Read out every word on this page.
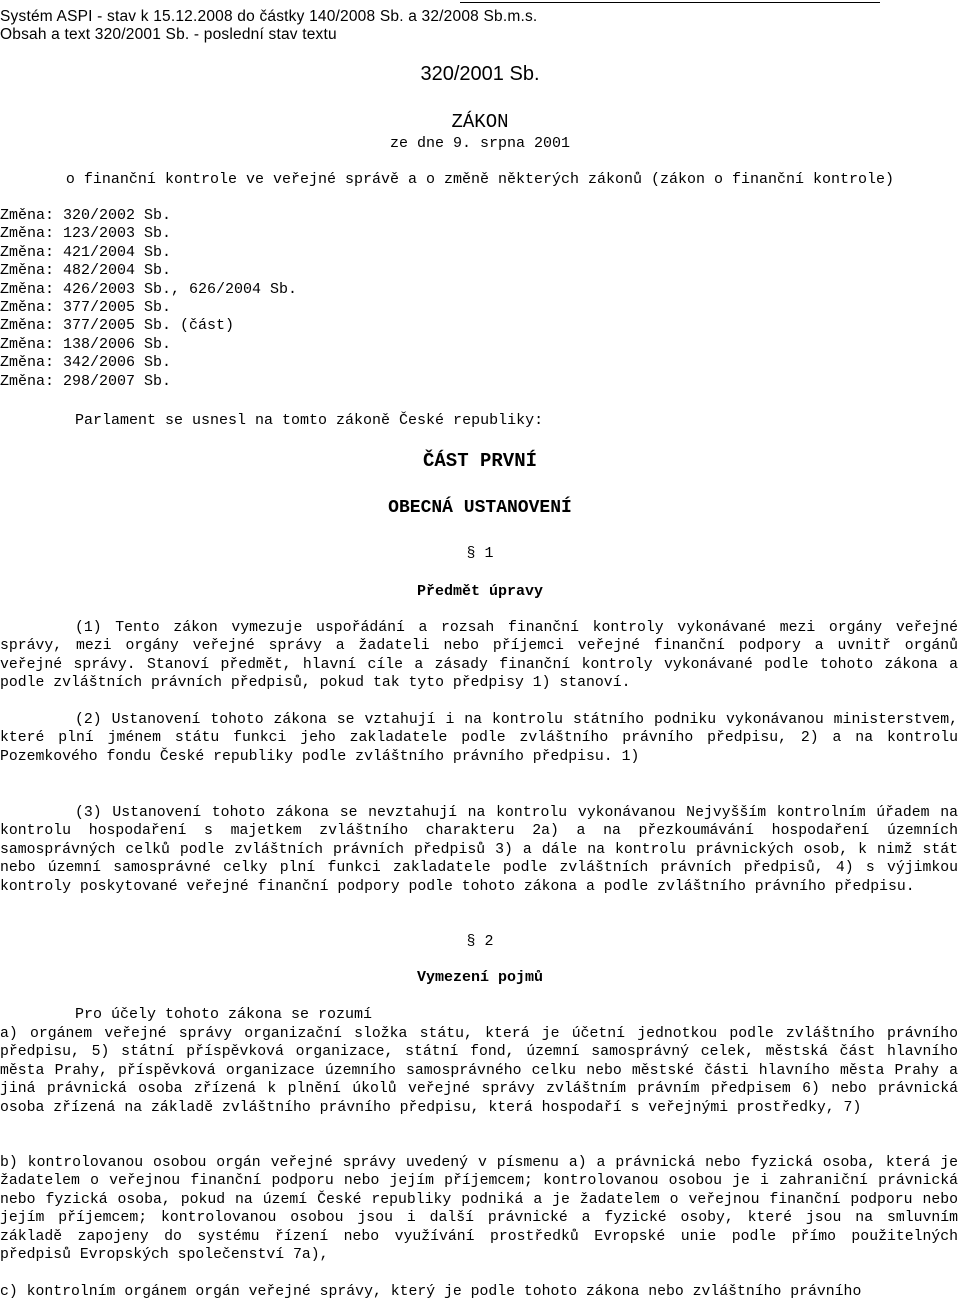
Systém ASPI - stav k 15.12.2008 do částky 140/2008 Sb. a 32/2008 Sb.m.s.
Obsah a text 320/2001 Sb. - poslední stav textu
320/2001 Sb.
ZÁKON
ze dne 9. srpna 2001
o finanční kontrole ve veřejné správě a o změně některých zákonů (zákon o finanční kontrole)
Změna: 320/2002 Sb.
Změna: 123/2003 Sb.
Změna: 421/2004 Sb.
Změna: 482/2004 Sb.
Změna: 426/2003 Sb., 626/2004 Sb.
Změna: 377/2005 Sb.
Změna: 377/2005 Sb. (část)
Změna: 138/2006 Sb.
Změna: 342/2006 Sb.
Změna: 298/2007 Sb.
Parlament se usnesl na tomto zákoně České republiky:
ČÁST PRVNÍ
OBECNÁ USTANOVENÍ
§ 1
Předmět úpravy
(1) Tento zákon vymezuje uspořádání a rozsah finanční kontroly vykonávané mezi orgány veřejné správy, mezi orgány veřejné správy a žadateli nebo příjemci veřejné finanční podpory a uvnitř orgánů veřejné správy. Stanoví předmět, hlavní cíle a zásady finanční kontroly vykonávané podle tohoto zákona a podle zvláštních právních předpisů, pokud tak tyto předpisy 1) stanoví.
(2) Ustanovení tohoto zákona se vztahují i na kontrolu státního podniku vykonávanou ministerstvem, které plní jménem státu funkci jeho zakladatele podle zvláštního právního předpisu, 2) a na kontrolu Pozemkového fondu České republiky podle zvláštního právního předpisu. 1)
(3) Ustanovení tohoto zákona se nevztahují na kontrolu vykonávanou Nejvyšším kontrolním úřadem na kontrolu hospodaření s majetkem zvláštního charakteru 2a) a na přezkoumávání hospodaření územních samosprávných celků podle zvláštních právních předpisů 3) a dále na kontrolu právnických osob, k nimž stát nebo územní samosprávné celky plní funkci zakladatele podle zvláštních právních předpisů, 4) s výjimkou kontroly poskytované veřejné finanční podpory podle tohoto zákona a podle zvláštního právního předpisu.
§ 2
Vymezení pojmů
Pro účely tohoto zákona se rozumí
a) orgánem veřejné správy organizační složka státu, která je účetní jednotkou podle zvláštního právního předpisu, 5) státní příspěvková organizace, státní fond, územní samosprávný celek, městská část hlavního města Prahy, příspěvková organizace územního samosprávného celku nebo městské části hlavního města Prahy a jiná právnická osoba zřízená k plnění úkolů veřejné správy zvláštním právním předpisem 6) nebo právnická osoba zřízená na základě zvláštního právního předpisu, která hospodaří s veřejnými prostředky, 7)
b) kontrolovanou osobou orgán veřejné správy uvedený v písmenu a) a právnická nebo fyzická osoba, která je žadatelem o veřejnou finanční podporu nebo jejím příjemcem; kontrolovanou osobou je i zahraniční právnická nebo fyzická osoba, pokud na území České republiky podniká a je žadatelem o veřejnou finanční podporu nebo jejím příjemcem; kontrolovanou osobou jsou i další právnické a fyzické osoby, které jsou na smluvním základě zapojeny do systému řízení nebo využívání prostředků Evropské unie podle přímo použitelných předpisů Evropských společenství 7a),
c) kontrolním orgánem orgán veřejné správy, který je podle tohoto zákona nebo zvláštního právního
